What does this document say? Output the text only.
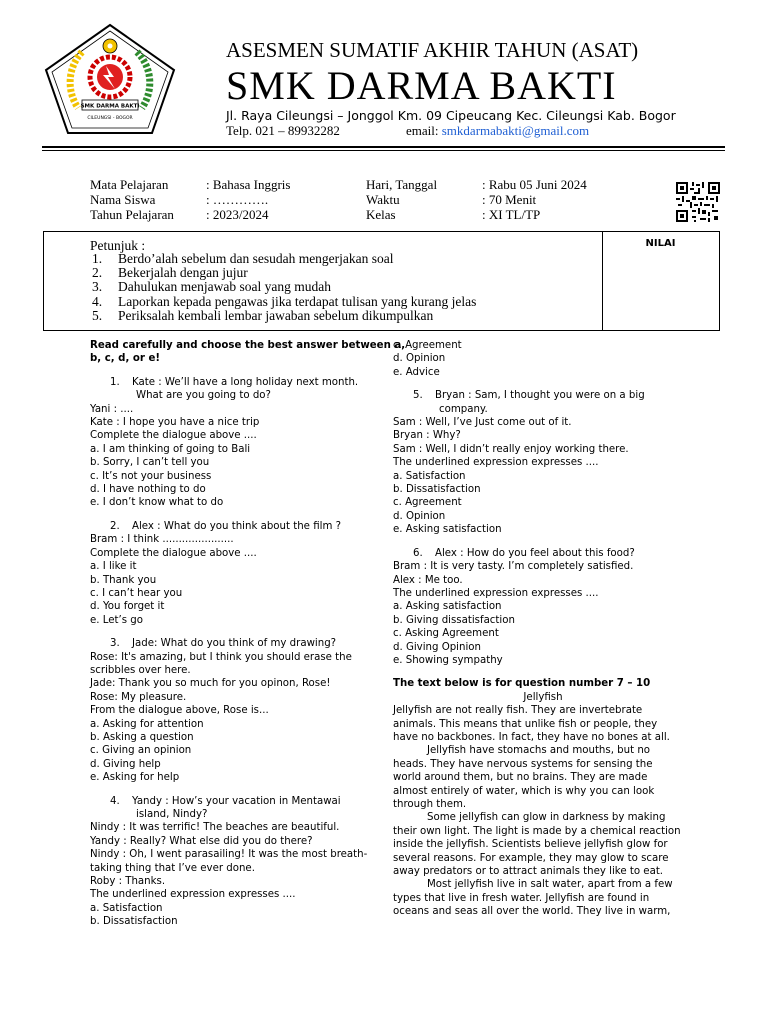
SMK DARMA BAKTI
CILEUNGSI - BOGOR
ASESMEN SUMATIF AKHIR TAHUN (ASAT)
SMK DARMA BAKTI
Jl. Raya Cileungsi – Jonggol Km. 09 Cipeucang Kec. Cileungsi Kab. Bogor
Telp. 021 – 89932282	email: smkdarmabakti@gmail.com
Mata Pelajaran	: Bahasa Inggris
Nama Siswa	: ………….
Tahun Pelajaran : 2023/2024
Hari, Tanggal	: Rabu 05 Juni 2024
Waktu	: 70 Menit
Kelas	: XI TL/TP
Petunjuk :
1. Berdo’alah sebelum dan sesudah mengerjakan soal
2. Bekerjalah dengan jujur
3. Dahulukan menjawab soal yang mudah
4. Laporkan kepada pengawas jika terdapat tulisan yang kurang jelas
5. Periksalah kembali lembar jawaban sebelum dikumpulkan
NILAI
Read carefully and choose the best answer between a,
b, c, d, or e!
1. Kate : We’ll have a long holiday next month.
What are you going to do?
Yani : ....
Kate : I hope you have a nice trip
Complete the dialogue above ....
a. I am thinking of going to Bali
b. Sorry, I can’t tell you
c. It’s not your business
d. I have nothing to do
e. I don’t know what to do
2. Alex : What do you think about the film ?
Bram : I think ......................
Complete the dialogue above ....
a. I like it
b. Thank you
c. I can’t hear you
d. You forget it
e. Let’s go
3. Jade: What do you think of my drawing?
Rose: It's amazing, but I think you should erase the
scribbles over here.
Jade: Thank you so much for you opinon, Rose!
Rose: My pleasure.
From the dialogue above, Rose is...
a. Asking for attention
b. Asking a question
c. Giving an opinion
d. Giving help
e. Asking for help
4. Yandy : How’s your vacation in Mentawai
island, Nindy?
Nindy : It was terrific! The beaches are beautiful.
Yandy : Really? What else did you do there?
Nindy : Oh, I went parasailing! It was the most breath-
taking thing that I’ve ever done.
Roby : Thanks.
The underlined expression expresses ....
a. Satisfaction
b. Dissatisfaction
c. Agreement
d. Opinion
e. Advice
5. Bryan : Sam, I thought you were on a big
company.
Sam : Well, I’ve Just come out of it.
Bryan : Why?
Sam : Well, I didn’t really enjoy working there.
The underlined expression expresses ....
a. Satisfaction
b. Dissatisfaction
c. Agreement
d. Opinion
e. Asking satisfaction
6. Alex : How do you feel about this food?
Bram : It is very tasty. I’m completely satisfied.
Alex : Me too.
The underlined expression expresses ....
a. Asking satisfaction
b. Giving dissatisfaction
c. Asking Agreement
d. Giving Opinion
e. Showing sympathy
The text below is for question number 7 – 10
Jellyfish
Jellyfish are not really fish. They are invertebrate
animals. This means that unlike fish or people, they
have no backbones. In fact, they have no bones at all.
Jellyfish have stomachs and mouths, but no
heads. They have nervous systems for sensing the
world around them, but no brains. They are made
almost entirely of water, which is why you can look
through them.
Some jellyfish can glow in darkness by making
their own light. The light is made by a chemical reaction
inside the jellyfish. Scientists believe jellyfish glow for
several reasons. For example, they may glow to scare
away predators or to attract animals they like to eat.
Most jellyfish live in salt water, apart from a few
types that live in fresh water. Jellyfish are found in
oceans and seas all over the world. They live in warm,
